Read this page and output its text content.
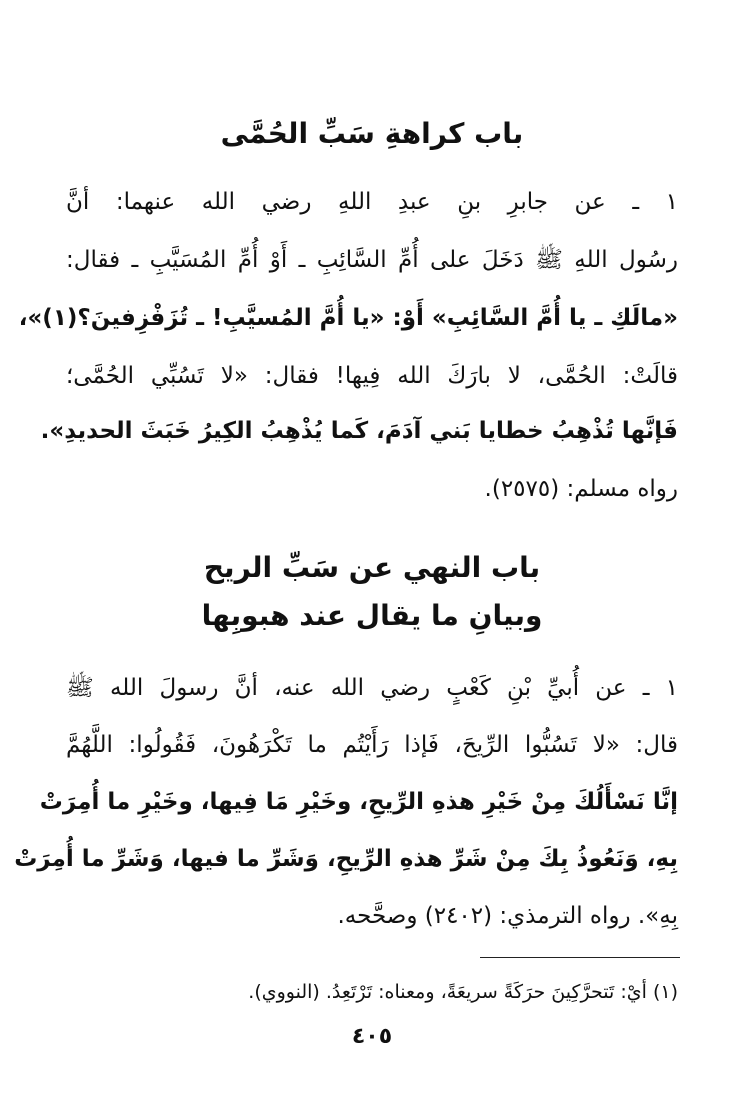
باب كراهةِ سَبِّ الحُمَّى
١ ـ عن جابرِ بنِ عبدِ اللهِ رضي الله عنهما: أنَّ
رسُول اللهِ ﷺ دَخَلَ على أُمِّ السَّائِبِ ـ أَوْ أُمِّ المُسَيَّبِ ـ فقال:
«مالَكِ ـ يا أُمَّ السَّائِبِ» أَوْ: «يا أُمَّ المُسيَّبِ! ـ تُزَفْزِفينَ؟(١)»،
قالَتْ: الحُمَّى، لا بارَكَ الله فِيها! فقال: «لا تَسُبِّي الحُمَّى؛
فَإنَّها تُذْهِبُ خطايا بَني آدَمَ، كَما يُذْهِبُ الكِيرُ خَبَثَ الحديدِ».
رواه مسلم: (٢٥٧٥).
باب النهي عن سَبِّ الريح
وبيانِ ما يقال عند هبوبِها
١ ـ عن أُبيِّ بْنِ كَعْبٍ رضي الله عنه، أنَّ رسولَ الله ﷺ
قال: «لا تَسُبُّوا الرِّيحَ، فَإذا رَأَيْتُم ما تَكْرَهُونَ، فَقُولُوا: اللَّهُمَّ
إنَّا نَسْأَلُكَ مِنْ خَيْرِ هذهِ الرِّيحِ، وخَيْرِ مَا فِيها، وخَيْرِ ما أُمِرَتْ
بِهِ، وَنَعُوذُ بِكَ مِنْ شَرِّ هذهِ الرِّيحِ، وَشَرِّ ما فيها، وَشَرِّ ما أُمِرَتْ
بِهِ». رواه الترمذي: (٢٤٠٢) وصحَّحه.
(١) أيْ: تَتحرَّكِينَ حرَكَةً سريعَةً، ومعناه: تَرْتَعِدُ. (النووي).
٤٠٥
